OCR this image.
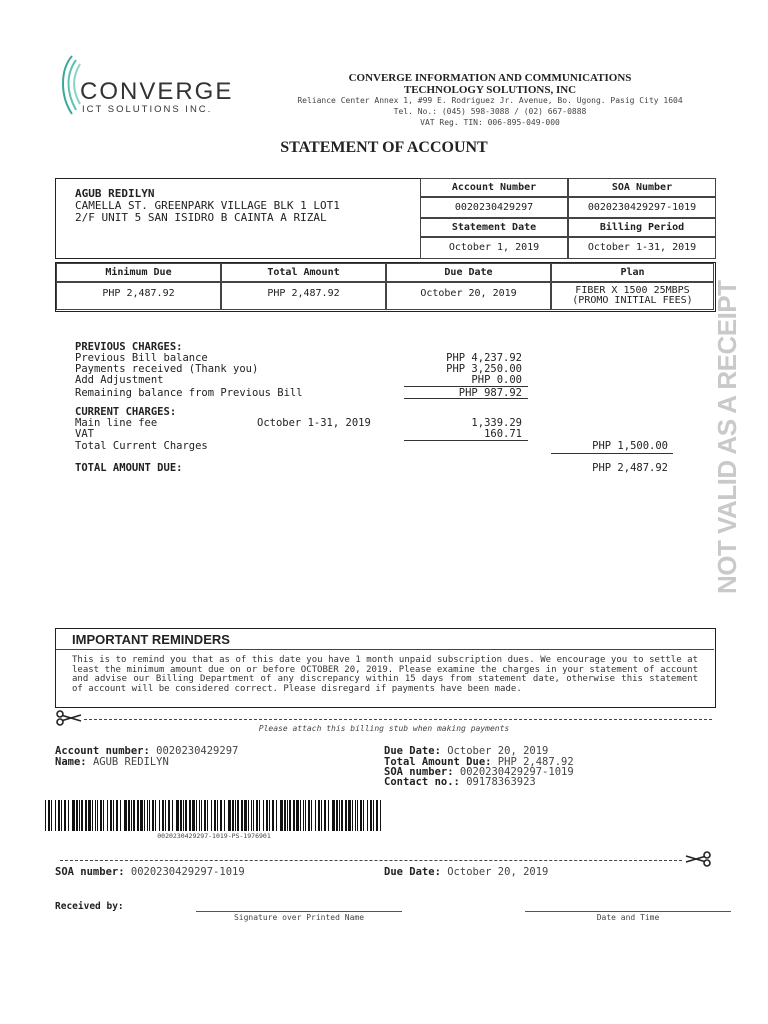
CONVERGE
ICT SOLUTIONS INC.
CONVERGE INFORMATION AND COMMUNICATIONS
TECHNOLOGY SOLUTIONS, INC
Reliance Center Annex 1, #99 E. Rodriguez Jr. Avenue, Bo. Ugong. Pasig City 1604
Tel. No.: (045) 598-3088 / (02) 667-0888
VAT Reg. TIN: 006-895-049-000
STATEMENT OF ACCOUNT
AGUB REDILYN
CAMELLA ST. GREENPARK VILLAGE BLK 1 LOT1
2/F UNIT 5 SAN ISIDRO B CAINTA A RIZAL
Account Number	SOA Number
0020230429297	0020230429297-1019
Statement Date	Billing Period
October 1, 2019	October 1-31, 2019
Minimum Due	Total Amount	Due Date	Plan
PHP 2,487.92	PHP 2,487.92	October 20, 2019	FIBER X 1500 25MBPS
(PROMO INITIAL FEES)
PREVIOUS CHARGES:
Previous Bill balance	PHP 4,237.92
Payments received (Thank you)	PHP 3,250.00
Add Adjustment	PHP 0.00
Remaining balance from Previous Bill	PHP 987.92
CURRENT CHARGES:
Main line fee	October 1-31, 2019	1,339.29
VAT	160.71
Total Current Charges	PHP 1,500.00
TOTAL AMOUNT DUE:	PHP 2,487.92 NOT VALID AS A RECEIPT
IMPORTANT REMINDERS
This is to remind you that as of this date you have 1 month unpaid subscription dues. We encourage you to settle at least the minimum amount due on or before OCTOBER 20, 2019. Please examine the charges in your statement of account and advise our Billing Department of any discrepancy within 15 days from statement date, otherwise this statement of account will be considered correct. Please disregard if payments have been made.
Please attach this billing stub when making payments
Account number: 0020230429297
Name: AGUB REDILYN
Due Date: October 20, 2019
Total Amount Due: PHP 2,487.92
SOA number: 0020230429297-1019
Contact no.: 09178363923
0020230429297-1019-PS-1976901
SOA number: 0020230429297-1019	Due Date: October 20, 2019
Received by:
Signature over Printed Name	Date and Time
